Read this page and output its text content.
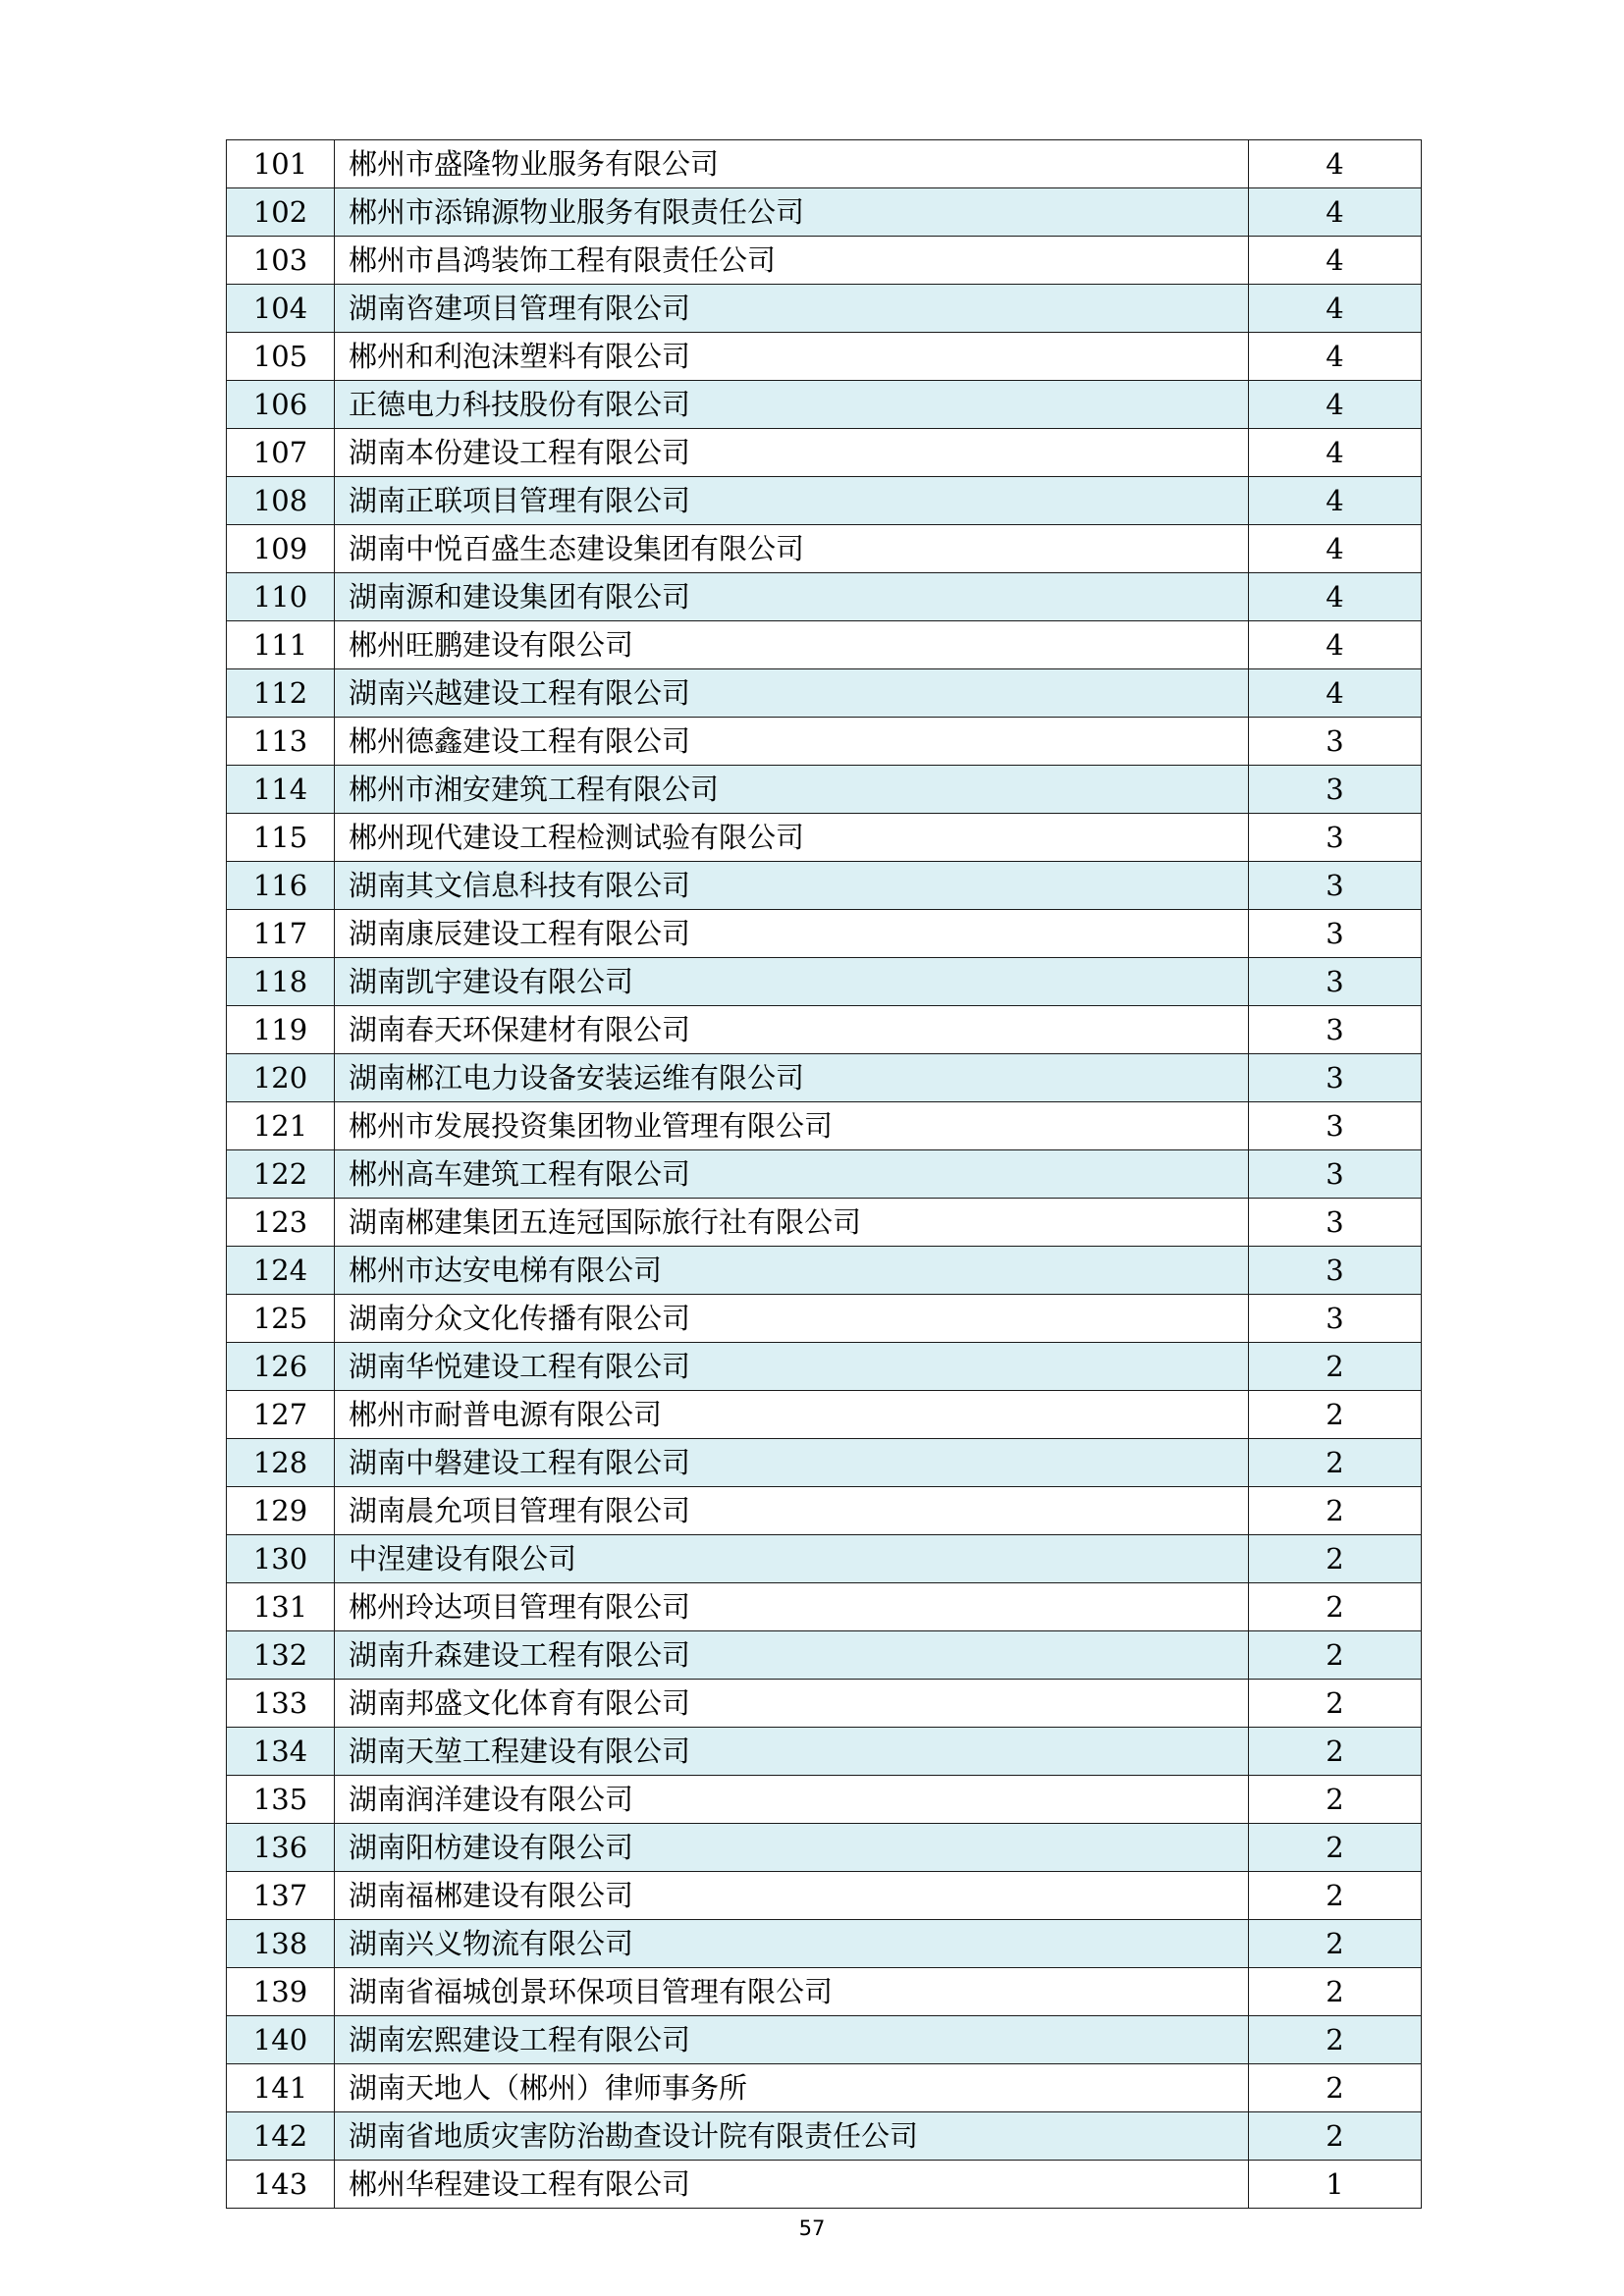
101	郴州市盛隆物业服务有限公司	4
102	郴州市添锦源物业服务有限责任公司	4
103	郴州市昌鸿装饰工程有限责任公司	4
104	湖南咨建项目管理有限公司	4
105	郴州和利泡沫塑料有限公司	4
106	正德电力科技股份有限公司	4
107	湖南本份建设工程有限公司	4
108	湖南正联项目管理有限公司	4
109	湖南中悦百盛生态建设集团有限公司	4
110	湖南源和建设集团有限公司	4
111	郴州旺鹏建设有限公司	4
112	湖南兴越建设工程有限公司	4
113	郴州德鑫建设工程有限公司	3
114	郴州市湘安建筑工程有限公司	3
115	郴州现代建设工程检测试验有限公司	3
116	湖南其文信息科技有限公司	3
117	湖南康辰建设工程有限公司	3
118	湖南凯宇建设有限公司	3
119	湖南春天环保建材有限公司	3
120	湖南郴江电力设备安装运维有限公司	3
121	郴州市发展投资集团物业管理有限公司	3
122	郴州高车建筑工程有限公司	3
123	湖南郴建集团五连冠国际旅行社有限公司	3
124	郴州市达安电梯有限公司	3
125	湖南分众文化传播有限公司	3
126	湖南华悦建设工程有限公司	2
127	郴州市耐普电源有限公司	2
128	湖南中磐建设工程有限公司	2
129	湖南晨允项目管理有限公司	2
130	中涅建设有限公司	2
131	郴州玲达项目管理有限公司	2
132	湖南升森建设工程有限公司	2
133	湖南邦盛文化体育有限公司	2
134	湖南天堃工程建设有限公司	2
135	湖南润洋建设有限公司	2
136	湖南阳枋建设有限公司	2
137	湖南福郴建设有限公司	2
138	湖南兴义物流有限公司	2
139	湖南省福城创景环保项目管理有限公司	2
140	湖南宏熙建设工程有限公司	2
141	湖南天地人（郴州）律师事务所	2
142	湖南省地质灾害防治勘查设计院有限责任公司	2
143	郴州华程建设工程有限公司	1
57
